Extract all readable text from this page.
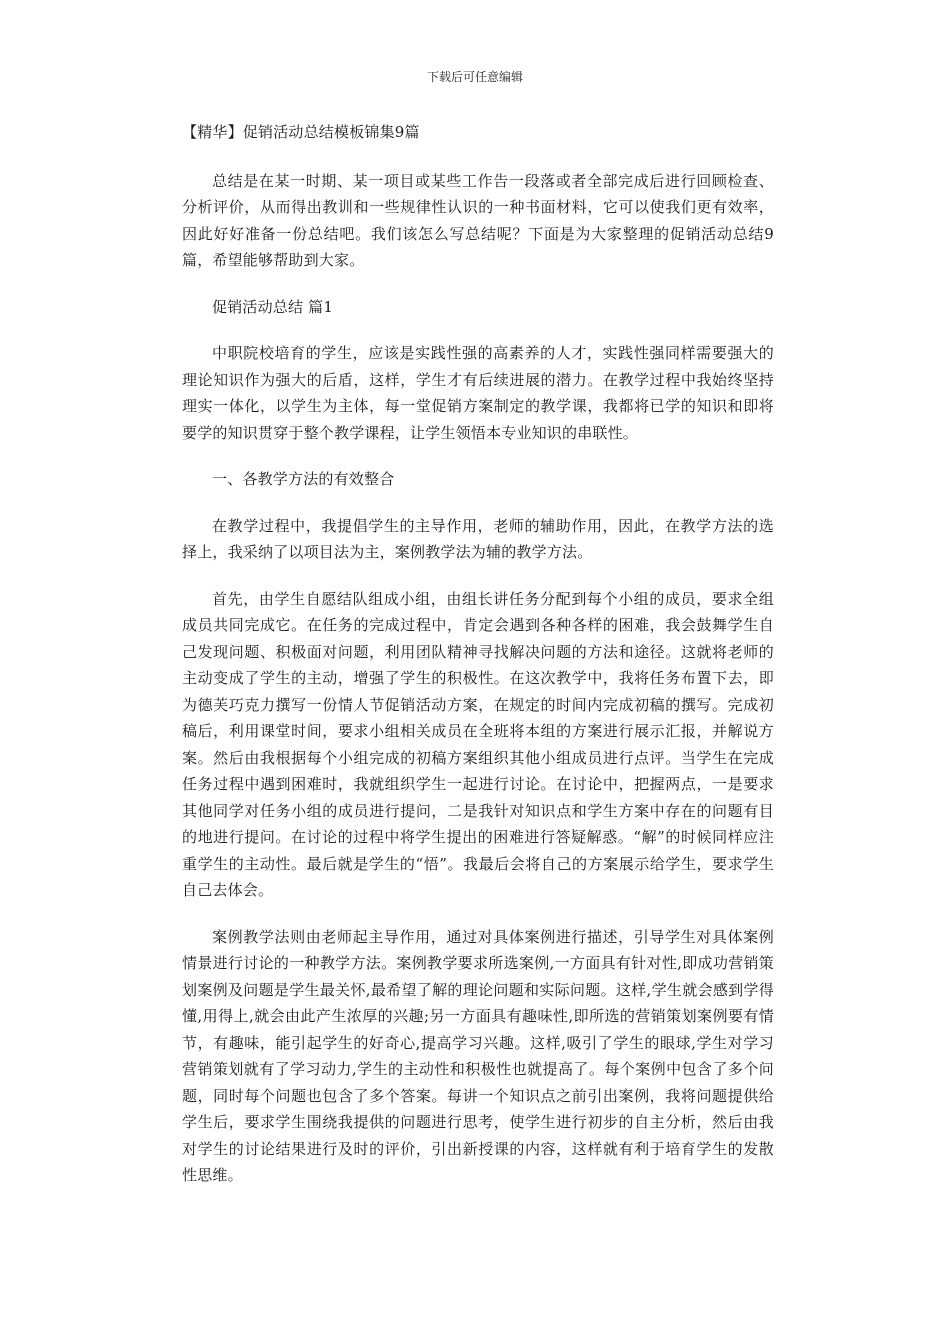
下载后可任意编辑

【精华】促销活动总结模板锦集9篇

总结是在某一时期、某一项目或某些工作告一段落或者全部完成后进行回顾检查、分析评价，从而得出教训和一些规律性认识的一种书面材料，它可以使我们更有效率，因此好好准备一份总结吧。我们该怎么写总结呢？下面是为大家整理的促销活动总结9篇，希望能够帮助到大家。

促销活动总结 篇1

中职院校培育的学生，应该是实践性强的高素养的人才，实践性强同样需要强大的理论知识作为强大的后盾，这样，学生才有后续进展的潜力。在教学过程中我始终坚持理实一体化，以学生为主体，每一堂促销方案制定的教学课，我都将已学的知识和即将要学的知识贯穿于整个教学课程，让学生领悟本专业知识的串联性。

一、各教学方法的有效整合

在教学过程中，我提倡学生的主导作用，老师的辅助作用，因此，在教学方法的选择上，我采纳了以项目法为主，案例教学法为辅的教学方法。

首先，由学生自愿结队组成小组，由组长讲任务分配到每个小组的成员，要求全组成员共同完成它。在任务的完成过程中，肯定会遇到各种各样的困难，我会鼓舞学生自己发现问题、积极面对问题，利用团队精神寻找解决问题的方法和途径。这就将老师的主动变成了学生的主动，增强了学生的积极性。在这次教学中，我将任务布置下去，即为德芙巧克力撰写一份情人节促销活动方案，在规定的时间内完成初稿的撰写。完成初稿后，利用课堂时间，要求小组相关成员在全班将本组的方案进行展示汇报，并解说方案。然后由我根据每个小组完成的初稿方案组织其他小组成员进行点评。当学生在完成任务过程中遇到困难时，我就组织学生一起进行讨论。在讨论中，把握两点，一是要求其他同学对任务小组的成员进行提问，二是我针对知识点和学生方案中存在的问题有目的地进行提问。在讨论的过程中将学生提出的困难进行答疑解惑。“解”的时候同样应注重学生的主动性。最后就是学生的“悟”。我最后会将自己的方案展示给学生，要求学生自己去体会。

案例教学法则由老师起主导作用，通过对具体案例进行描述，引导学生对具体案例情景进行讨论的一种教学方法。案例教学要求所选案例,一方面具有针对性,即成功营销策划案例及问题是学生最关怀,最希望了解的理论问题和实际问题。这样,学生就会感到学得懂,用得上,就会由此产生浓厚的兴趣;另一方面具有趣味性,即所选的营销策划案例要有情节，有趣味，能引起学生的好奇心,提高学习兴趣。这样,吸引了学生的眼球,学生对学习营销策划就有了学习动力,学生的主动性和积极性也就提高了。每个案例中包含了多个问题，同时每个问题也包含了多个答案。每讲一个知识点之前引出案例，我将问题提供给学生后，要求学生围绕我提供的问题进行思考，使学生进行初步的自主分析，然后由我对学生的讨论结果进行及时的评价，引出新授课的内容，这样就有利于培育学生的发散性思维。
